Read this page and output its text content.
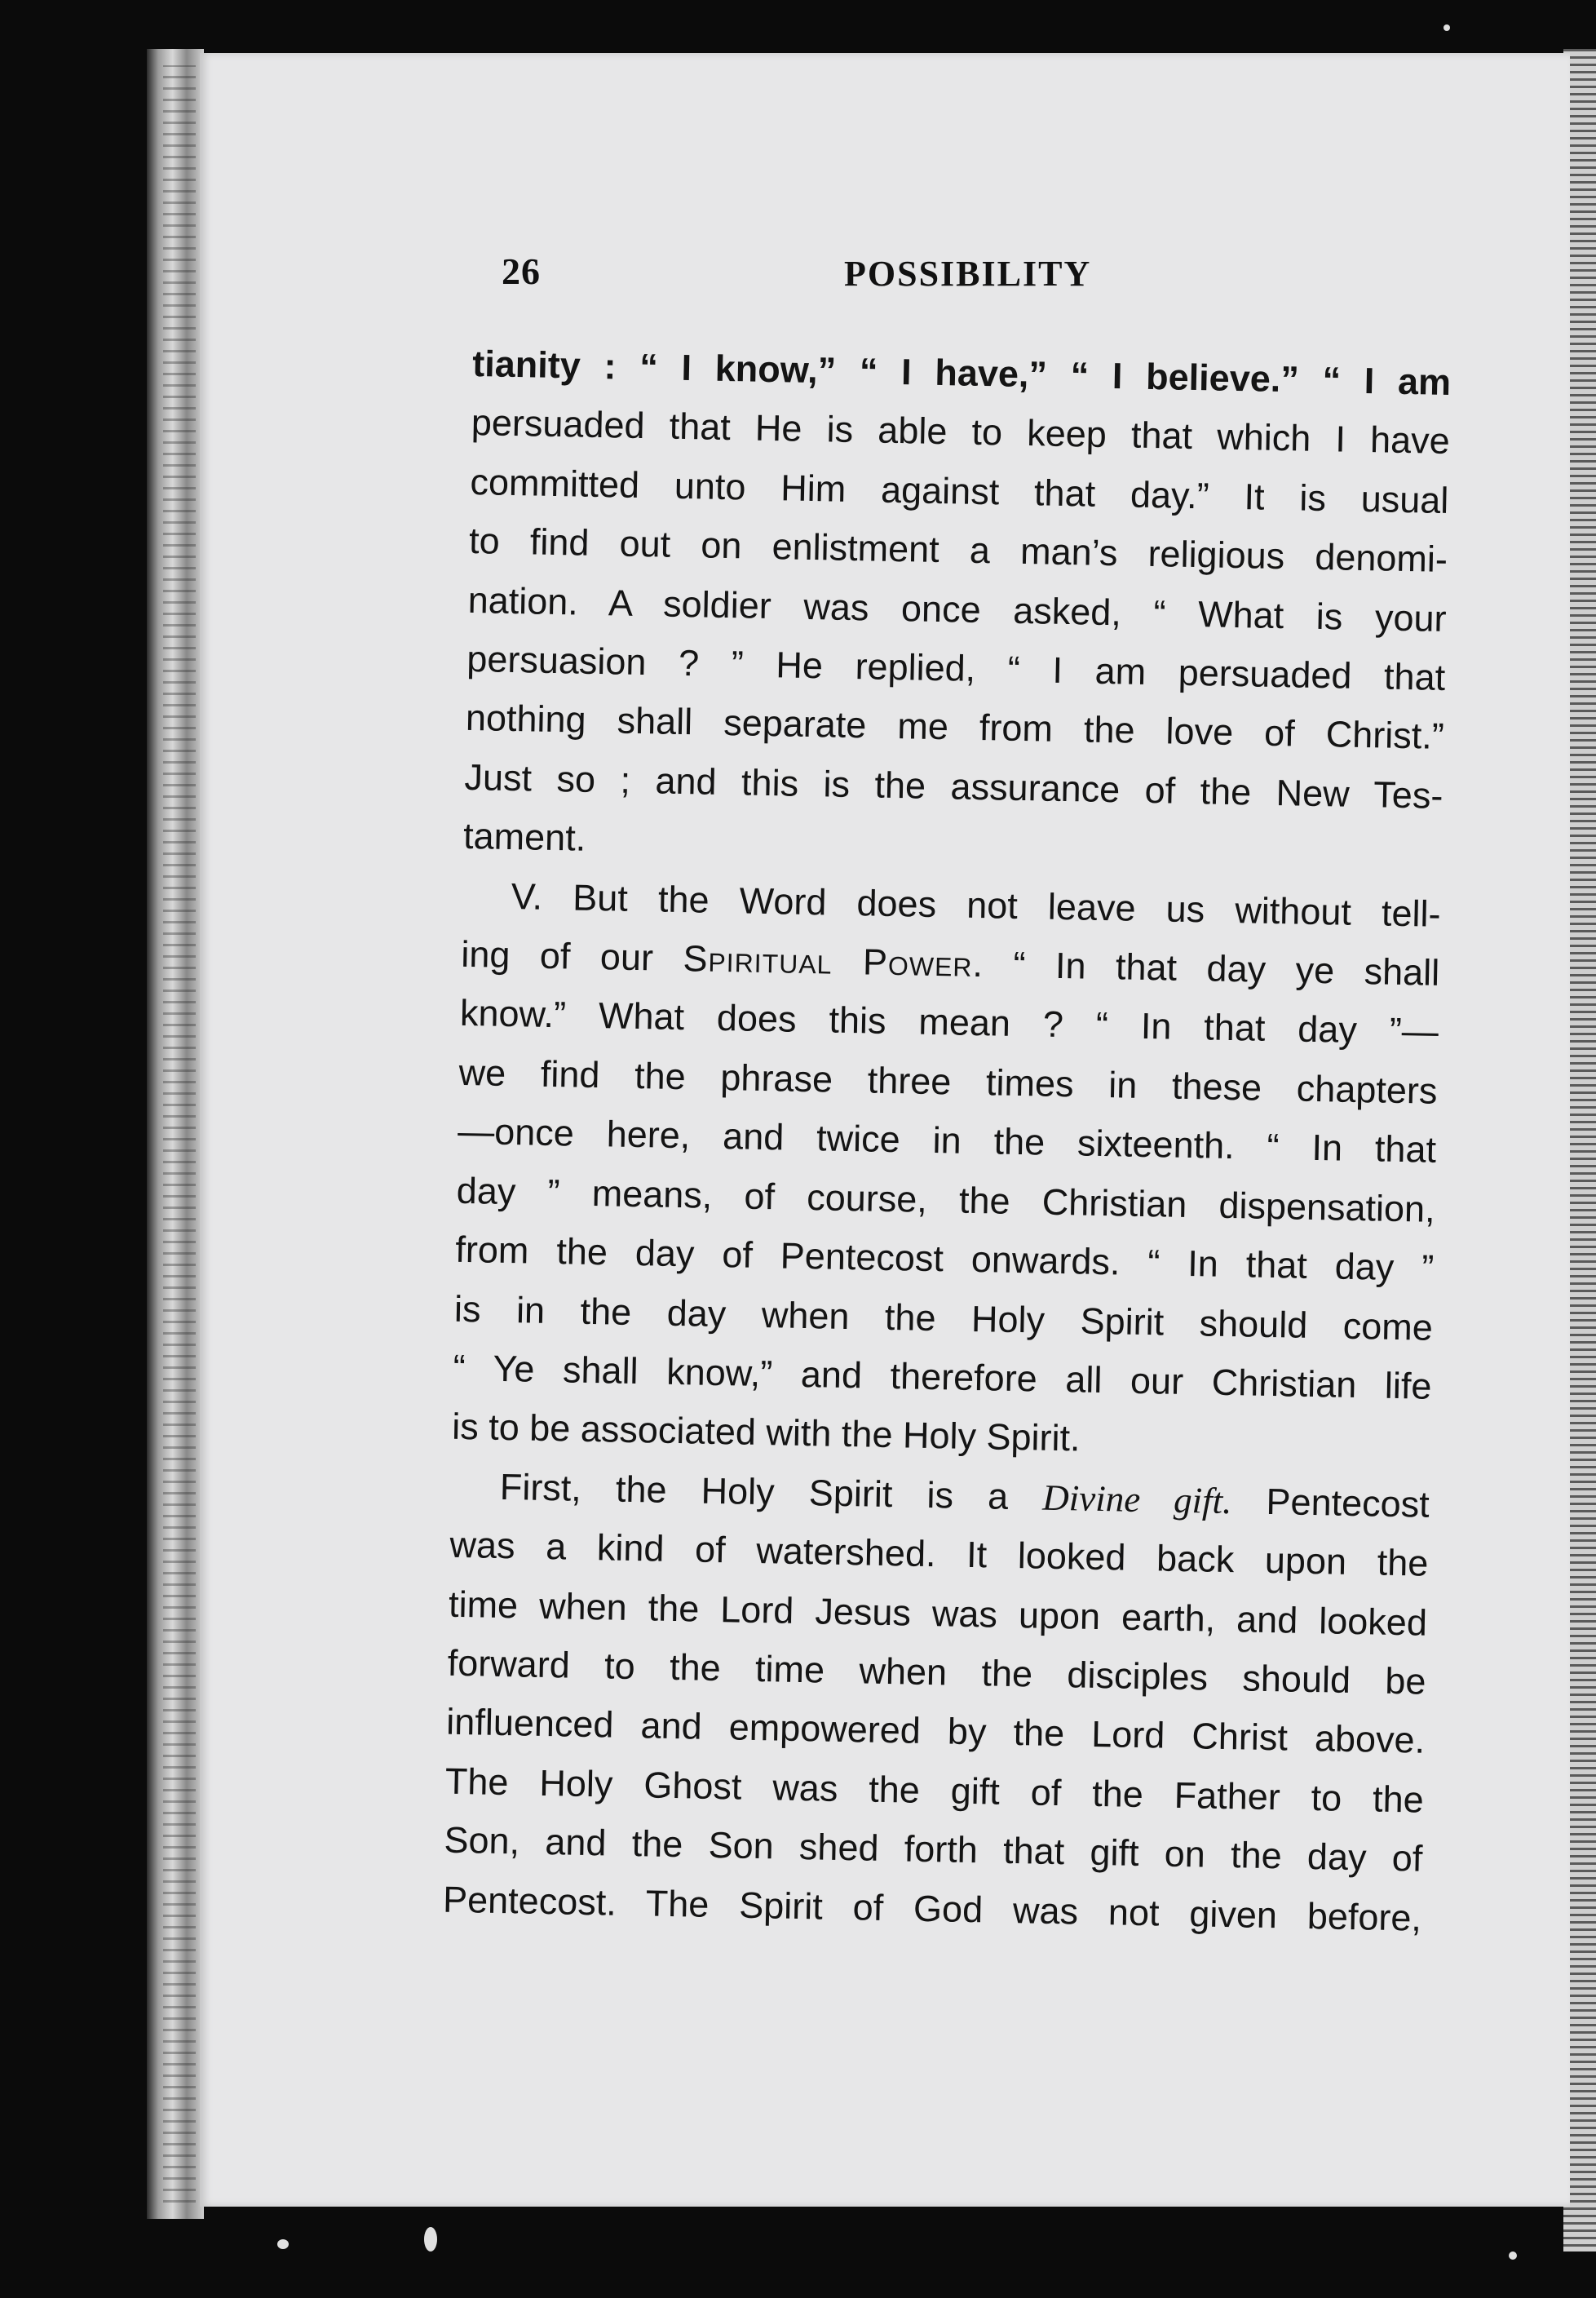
26	POSSIBILITY
tianity : “ I know,” “ I have,” “ I believe.” “ I am
persuaded that He is able to keep that which I have
committed unto Him against that day.” It is usual
to find out on enlistment a man’s religious denomi-
nation. A soldier was once asked, “ What is your
persuasion ? ” He replied, “ I am persuaded that
nothing shall separate me from the love of Christ.”
Just so ; and this is the assurance of the New Tes-
tament.
V. But the Word does not leave us without tell-
ing of our Spiritual Power. “ In that day ye shall
know.” What does this mean ? “ In that day ”—
we find the phrase three times in these chapters
—once here, and twice in the sixteenth. “ In that
day ” means, of course, the Christian dispensation,
from the day of Pentecost onwards. “ In that day ”
is in the day when the Holy Spirit should come
“ Ye shall know,” and therefore all our Christian life
is to be associated with the Holy Spirit.
First, the Holy Spirit is a Divine gift. Pentecost
was a kind of watershed. It looked back upon the
time when the Lord Jesus was upon earth, and looked
forward to the time when the disciples should be
influenced and empowered by the Lord Christ above.
The Holy Ghost was the gift of the Father to the
Son, and the Son shed forth that gift on the day of
Pentecost. The Spirit of God was not given before,
